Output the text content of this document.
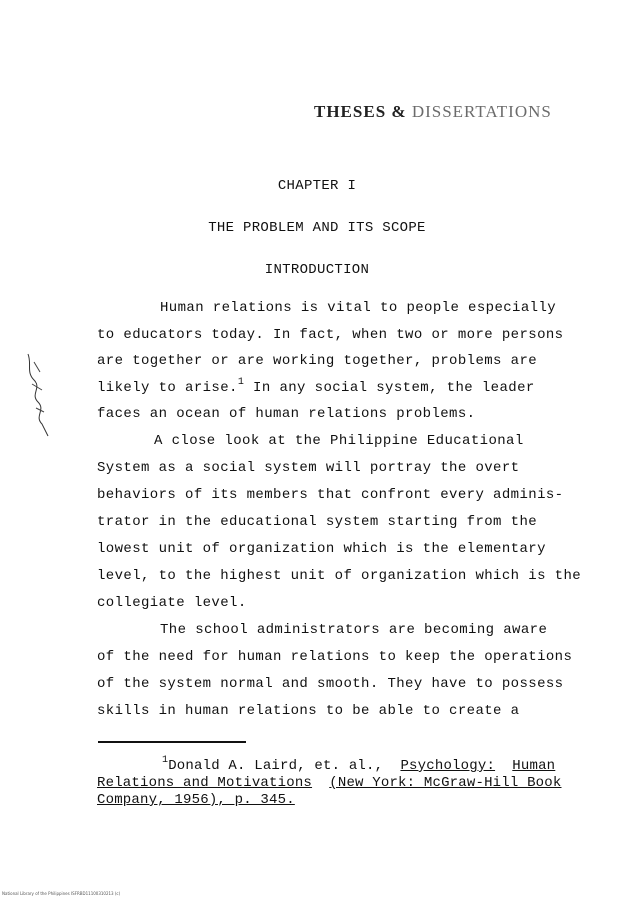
THESES & DISSERTATIONS
CHAPTER I
THE PROBLEM AND ITS SCOPE
INTRODUCTION
Human relations is vital to people especially
to educators today. In fact, when two or more persons
are together or are working together, problems are
likely to arise.$^1$ In any social system, the leader
faces an ocean of human relations problems.
A close look at the Philippine Educational
System as a social system will portray the overt
behaviors of its members that confront every adminis-
trator in the educational system starting from the
lowest unit of organization which is the elementary
level, to the highest unit of organization which is the
collegiate level.
The school administrators are becoming aware
of the need for human relations to keep the operations
of the system normal and smooth. They have to possess
skills in human relations to be able to create a
$^1$Donald A. Laird, et. al., Psychology: Human
Relations and Motivations (New York: McGraw-Hill Book
Company, 1956), p. 345.
National Library of the Philippines ISFRBD11100310213 (c)
